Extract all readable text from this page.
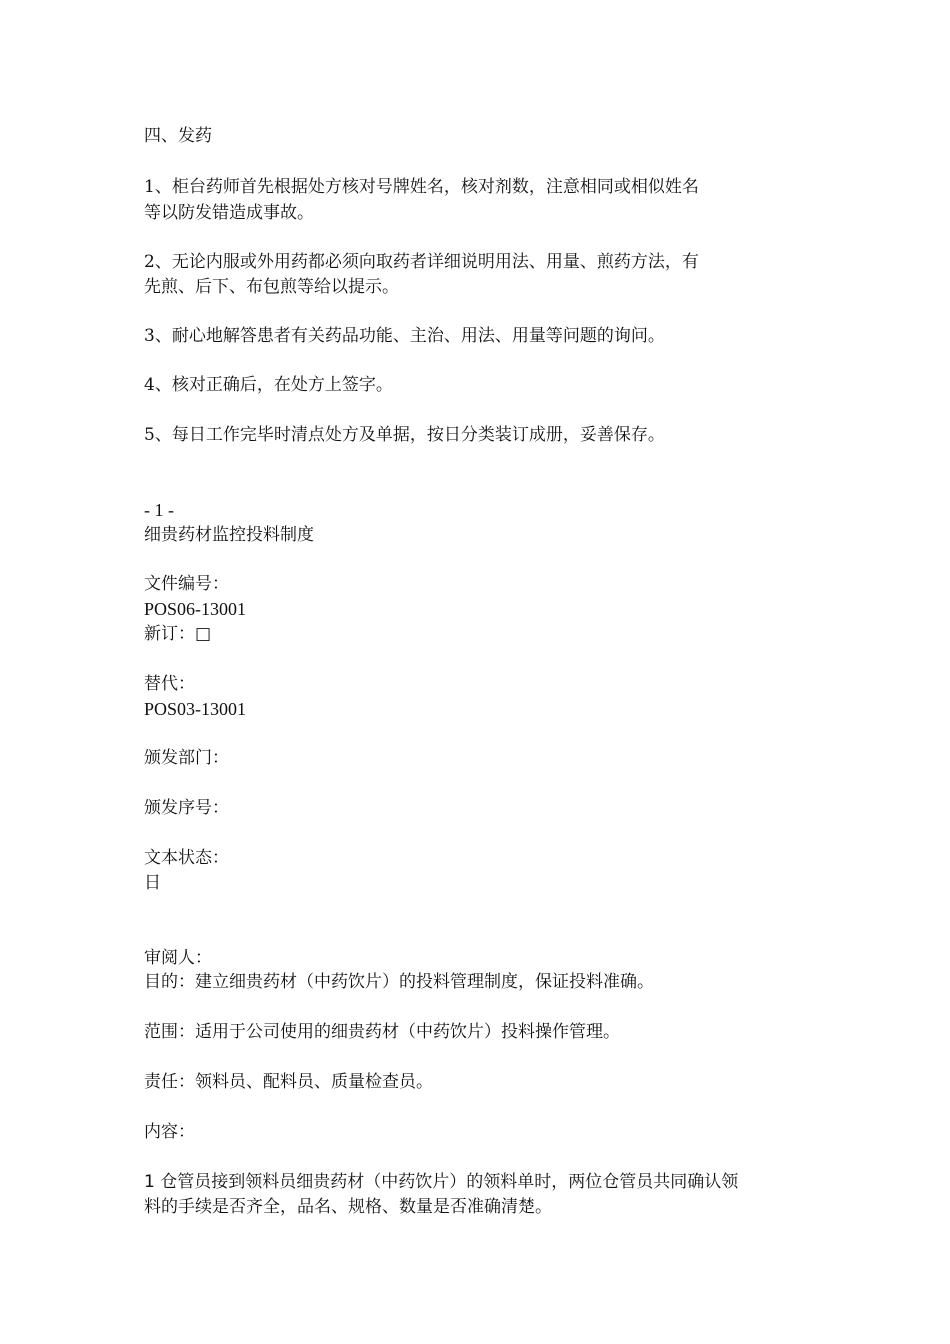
四、发药
1、柜台药师首先根据处方核对号牌姓名，核对剂数，注意相同或相似姓名
等以防发错造成事故。
2、无论内服或外用药都必须向取药者详细说明用法、用量、煎药方法，有
先煎、后下、布包煎等给以提示。
3、耐心地解答患者有关药品功能、主治、用法、用量等问题的询问。
4、核对正确后，在处方上签字。
5、每日工作完毕时清点处方及单据，按日分类装订成册，妥善保存。
- 1 -
细贵药材监控投料制度
文件编号：
POS06-13001
新订：□
替代：
POS03-13001
颁发部门：
颁发序号：
文本状态：
日
审阅人：
目的：建立细贵药材（中药饮片）的投料管理制度，保证投料准确。
范围：适用于公司使用的细贵药材（中药饮片）投料操作管理。
责任：领料员、配料员、质量检查员。
内容：
1 仓管员接到领料员细贵药材（中药饮片）的领料单时，两位仓管员共同确认领
料的手续是否齐全，品名、规格、数量是否准确清楚。
